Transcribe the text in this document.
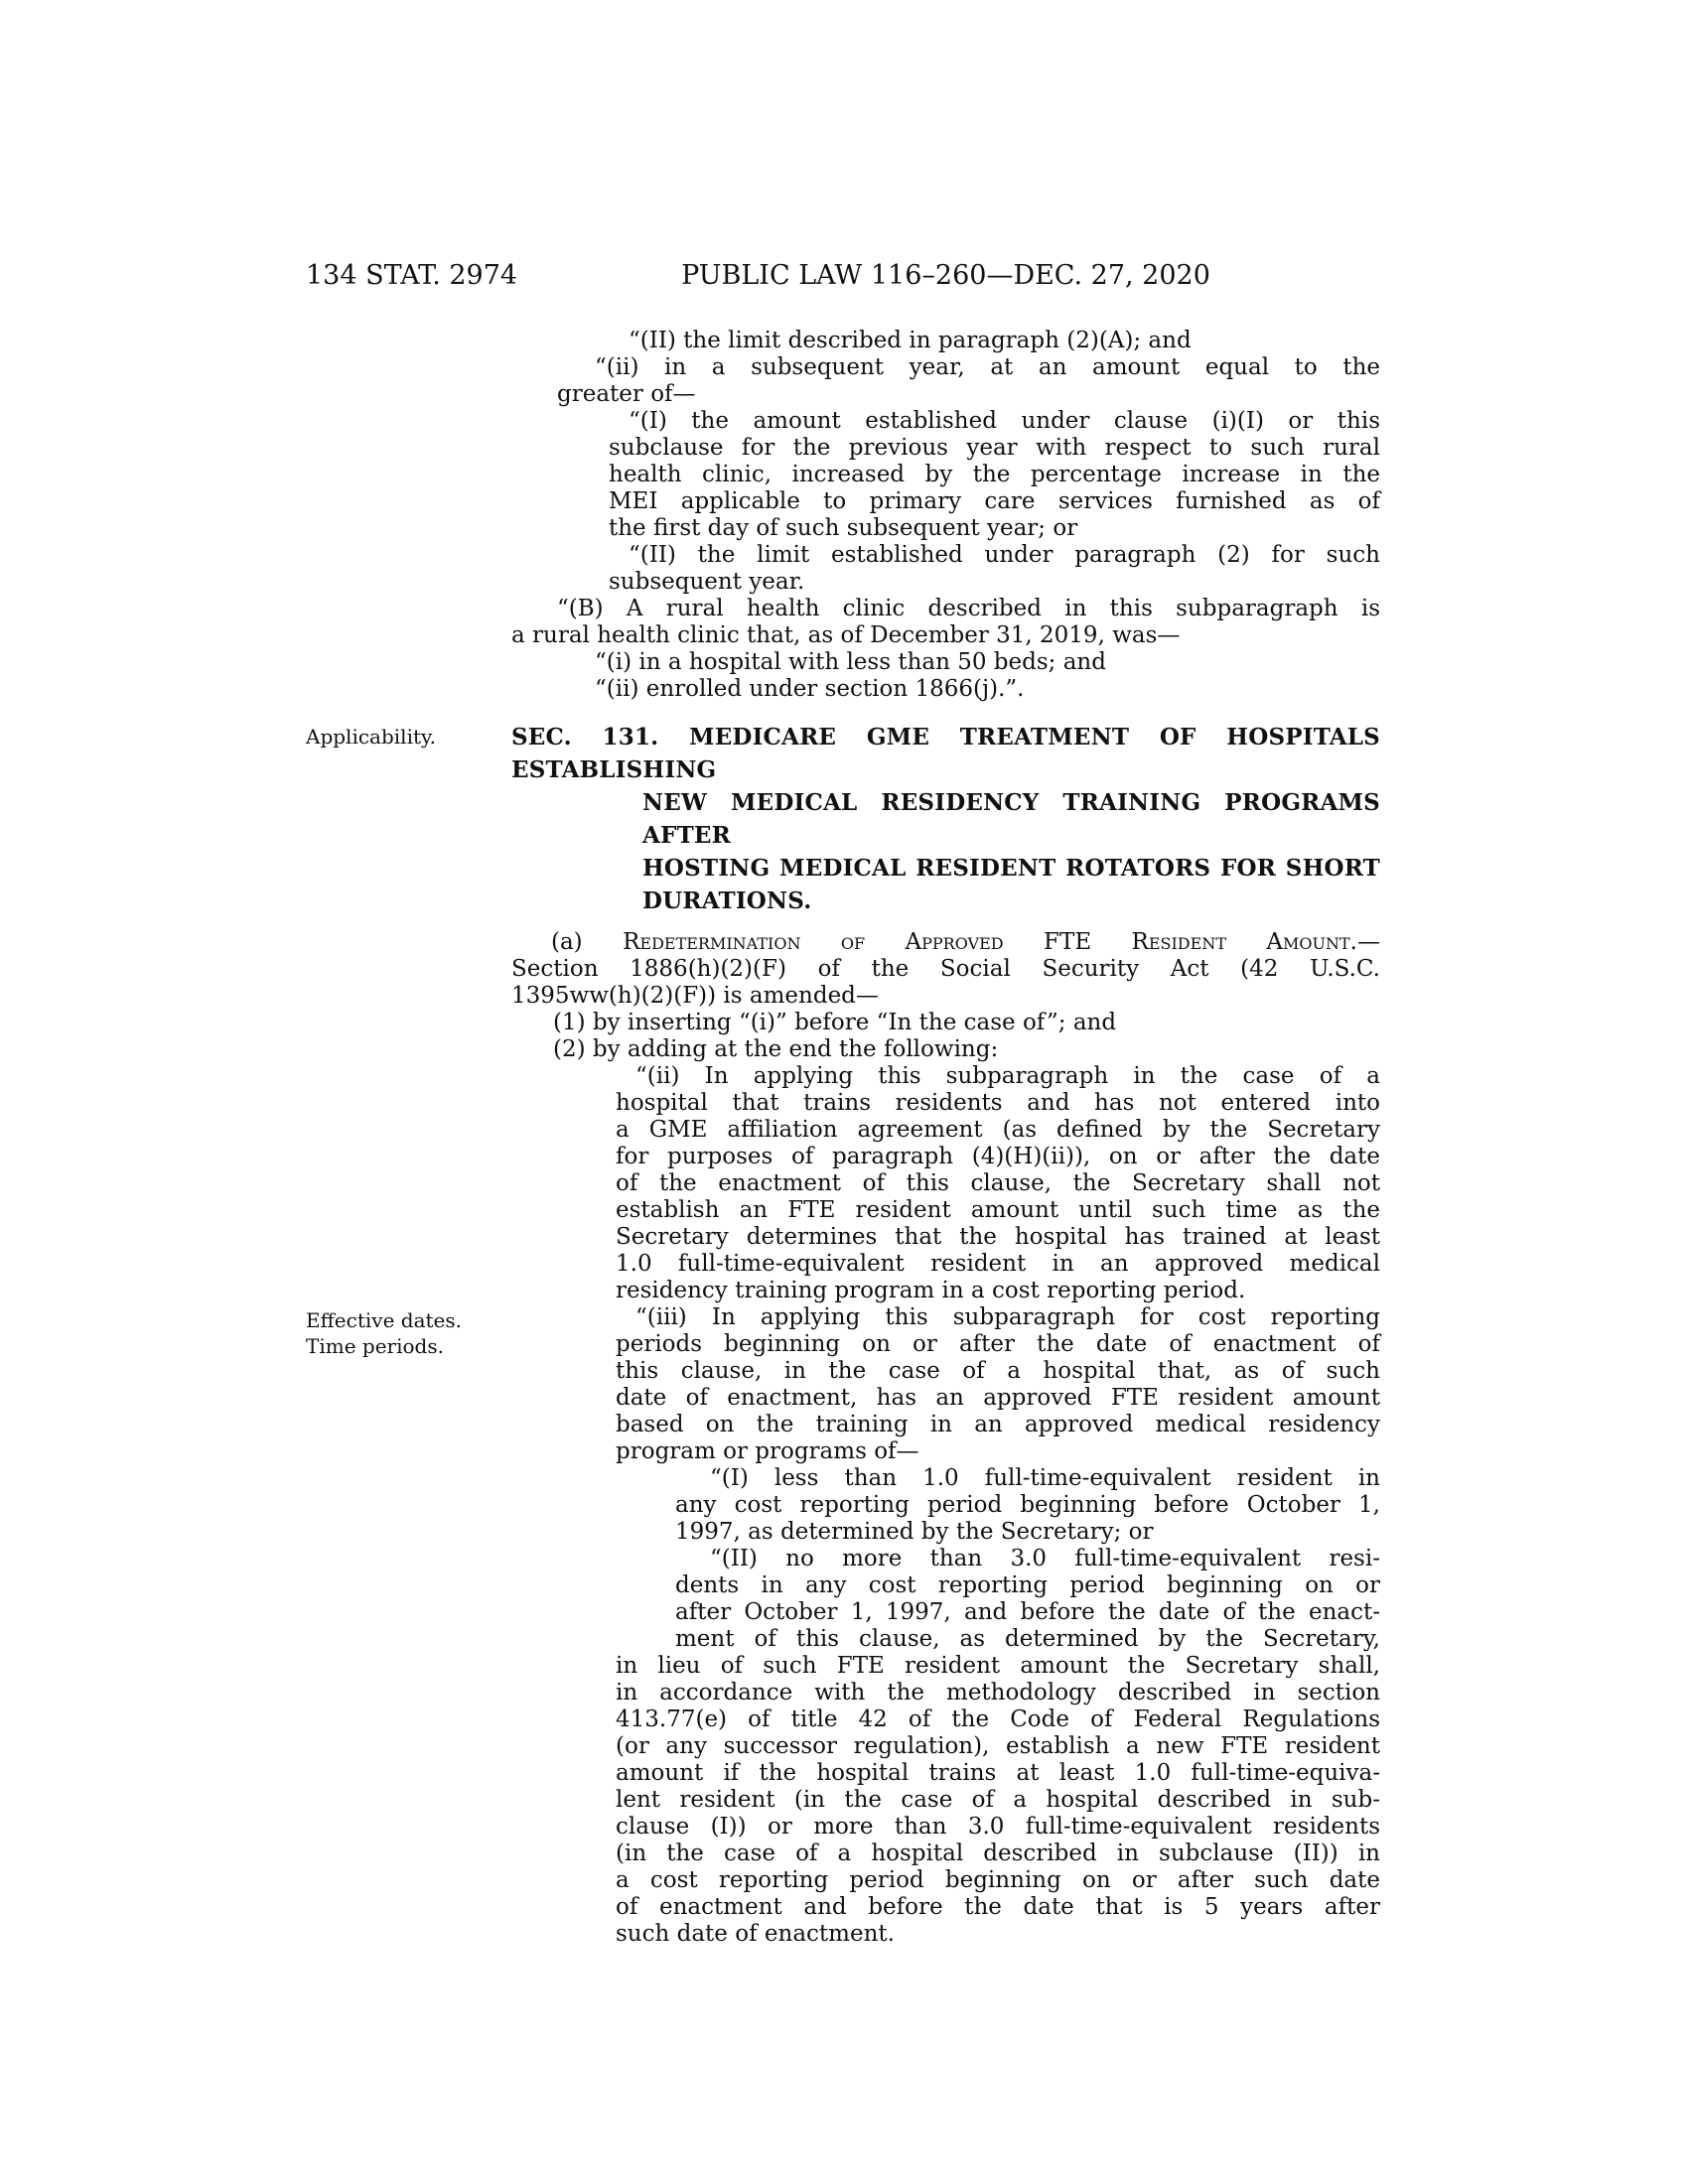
134 STAT. 2974	PUBLIC LAW 116–260—DEC. 27, 2020
“(II) the limit described in paragraph (2)(A); and
“(ii) in a subsequent year, at an amount equal to the
greater of—
“(I) the amount established under clause (i)(I) or this
subclause for the previous year with respect to such rural
health clinic, increased by the percentage increase in the
MEI applicable to primary care services furnished as of
the first day of such subsequent year; or
“(II) the limit established under paragraph (2) for such
subsequent year.
“(B) A rural health clinic described in this subparagraph is
a rural health clinic that, as of December 31, 2019, was—
“(i) in a hospital with less than 50 beds; and
“(ii) enrolled under section 1866(j).”.
Applicability.	SEC. 131. MEDICARE GME TREATMENT OF HOSPITALS ESTABLISHING
NEW MEDICAL RESIDENCY TRAINING PROGRAMS AFTER
HOSTING MEDICAL RESIDENT ROTATORS FOR SHORT
DURATIONS.
(a) Redetermination of Approved FTE Resident Amount.—
Section 1886(h)(2)(F) of the Social Security Act (42 U.S.C.
1395ww(h)(2)(F)) is amended—
(1) by inserting “(i)” before “In the case of”; and
(2) by adding at the end the following:
“(ii) In applying this subparagraph in the case of a
hospital that trains residents and has not entered into
a GME affiliation agreement (as defined by the Secretary
for purposes of paragraph (4)(H)(ii)), on or after the date
of the enactment of this clause, the Secretary shall not
establish an FTE resident amount until such time as the
Secretary determines that the hospital has trained at least
1.0 full-time-equivalent resident in an approved medical
residency training program in a cost reporting period.
Effective dates.
Time periods.
“(iii) In applying this subparagraph for cost reporting
periods beginning on or after the date of enactment of
this clause, in the case of a hospital that, as of such
date of enactment, has an approved FTE resident amount
based on the training in an approved medical residency
program or programs of—
“(I) less than 1.0 full-time-equivalent resident in
any cost reporting period beginning before October 1,
1997, as determined by the Secretary; or
“(II) no more than 3.0 full-time-equivalent resi-
dents in any cost reporting period beginning on or
after October 1, 1997, and before the date of the enact-
ment of this clause, as determined by the Secretary,
in lieu of such FTE resident amount the Secretary shall,
in accordance with the methodology described in section
413.77(e) of title 42 of the Code of Federal Regulations
(or any successor regulation), establish a new FTE resident
amount if the hospital trains at least 1.0 full-time-equiva-
lent resident (in the case of a hospital described in sub-
clause (I)) or more than 3.0 full-time-equivalent residents
(in the case of a hospital described in subclause (II)) in
a cost reporting period beginning on or after such date
of enactment and before the date that is 5 years after
such date of enactment.
